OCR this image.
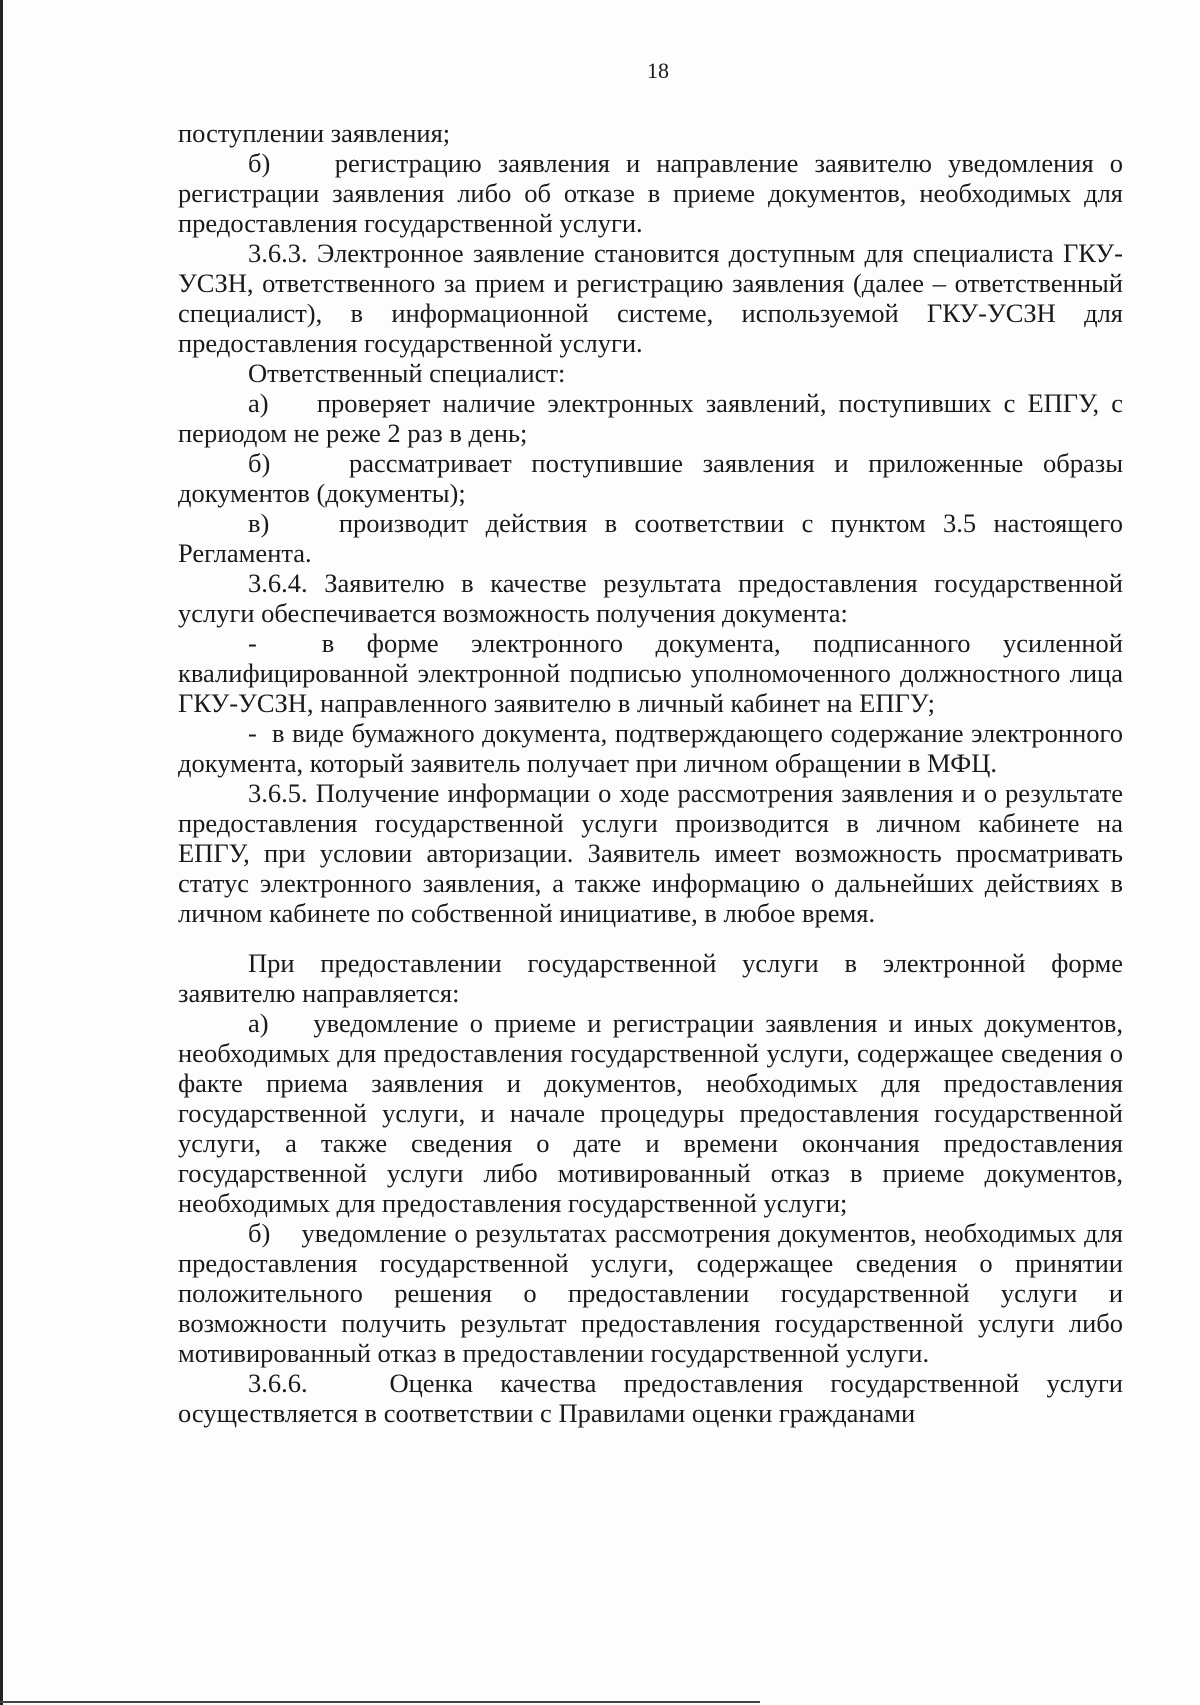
18

поступлении заявления;

б)    регистрацию заявления и направление заявителю уведомления о регистрации заявления либо об отказе в приеме документов, необходимых для предоставления государственной услуги.

3.6.3. Электронное заявление становится доступным для специалиста ГКУ-УСЗН, ответственного за прием и регистрацию заявления (далее – ответственный специалист), в информационной системе, используемой ГКУ-УСЗН для предоставления государственной услуги.

Ответственный специалист:

а)    проверяет наличие электронных заявлений, поступивших с ЕПГУ, с периодом не реже 2 раз в день;

б)    рассматривает поступившие заявления и приложенные образы документов (документы);

в)    производит действия в соответствии с пунктом 3.5 настоящего Регламента.

3.6.4. Заявителю в качестве результата предоставления государственной услуги обеспечивается возможность получения документа:

-  в форме электронного документа, подписанного усиленной квалифицированной электронной подписью уполномоченного должностного лица ГКУ-УСЗН, направленного заявителю в личный кабинет на ЕПГУ;

-  в виде бумажного документа, подтверждающего содержание электронного документа, который заявитель получает при личном обращении в МФЦ.

3.6.5. Получение информации о ходе рассмотрения заявления и о результате предоставления государственной услуги производится в личном кабинете на ЕПГУ, при условии авторизации. Заявитель имеет возможность просматривать статус электронного заявления, а также информацию о дальнейших действиях в личном кабинете по собственной инициативе, в любое время.

При предоставлении государственной услуги в электронной форме заявителю направляется:

а)    уведомление о приеме и регистрации заявления и иных документов, необходимых для предоставления государственной услуги, содержащее сведения о факте приема заявления и документов, необходимых для предоставления государственной услуги, и начале процедуры предоставления государственной услуги, а также сведения о дате и времени окончания предоставления государственной услуги либо мотивированный отказ в приеме документов, необходимых для предоставления государственной услуги;

б)    уведомление о результатах рассмотрения документов, необходимых для предоставления государственной услуги, содержащее сведения о принятии положительного решения о предоставлении государственной услуги и возможности получить результат предоставления государственной услуги либо мотивированный отказ в предоставлении государственной услуги.

3.6.6.   Оценка качества предоставления государственной услуги осуществляется в соответствии с Правилами оценки гражданами
